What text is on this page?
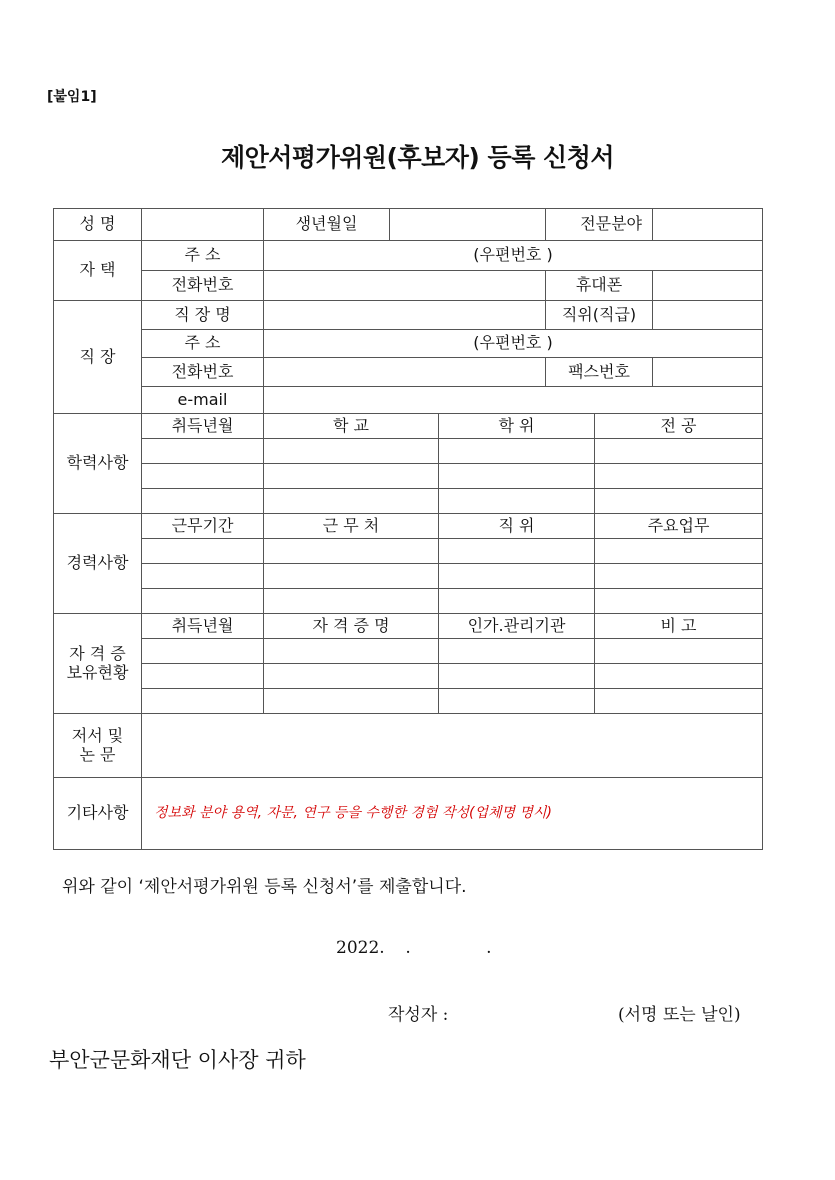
[붙임1]
제안서평가위원(후보자) 등록 신청서
성 명		생년월일			전문분야		
자 택	주 소	(우편번호 )					
	전화번호				휴대폰		
직 장	직 장 명				직위(직급)		
	주 소	(우편번호 )					
	전화번호				팩스번호		
	e-mail						
학력사항	취득년월	학 교		학 위		전 공	

경력사항	근무기간	근 무 처		직 위		주요업무	

자 격 증
보유현황	취득년월	자 격 증 명		인가.관리기관		비 고	

저서 및
논 문							
기타사항	정보화 분야 용역, 자문, 연구 등을 수행한 경험 작성(업체명 명시)						
위와 같이 ‘제안서평가위원 등록 신청서’를 제출합니다.
2022. .	.
작성자 :	(서명 또는 날인)
부안군문화재단 이사장 귀하
